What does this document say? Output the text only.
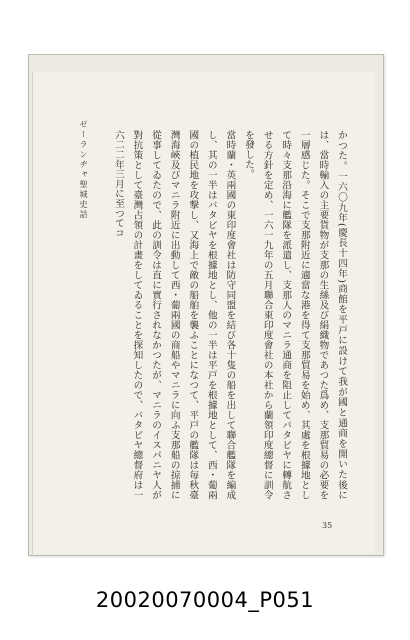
ゼーランヂャ聖城史話	かつた。一六〇九年(慶長十四年)商館を平戸に設けて我が國と通商を開いた後には、當時輸入の主要貨物が支那の生絲及び絹織物であつた爲め、支那貿易の必要を一層感じた。そこで支那附近に適當な港を得て支那貿易を始め、其處を根據地として時々支那沿海に艦隊を派遣し、支那人のマニラ通商を阻止してバタビヤに轉航させる方針を定め、一六一九年の五月聯合東印度會社の本社から蘭領印度總督に訓令を發した。

當時蘭・英兩國の東印度會社は防守同盟を結び各十隻の船を出して聯合艦隊を編成し、其の一半はバタビヤを根據地とし、他の一半は平戸を根據地として、西・葡兩國の植民地を攻撃し、又海上で敵の船舶を襲ふことになつて、平戸の艦隊は毎秋臺灣海峽及びマニラ附近に出動して西・葡兩國の商船やマニラに向ふ支那船の掠捕に從事してゐたので、此の訓令は直に實行されなかつたが、マニラのイスパニヤ人が對抗策として臺灣占領の計畫をしてゐることを探知したので、バタビヤ總督府は一六二二年三月に至つてコ

35
20020070004_P051
